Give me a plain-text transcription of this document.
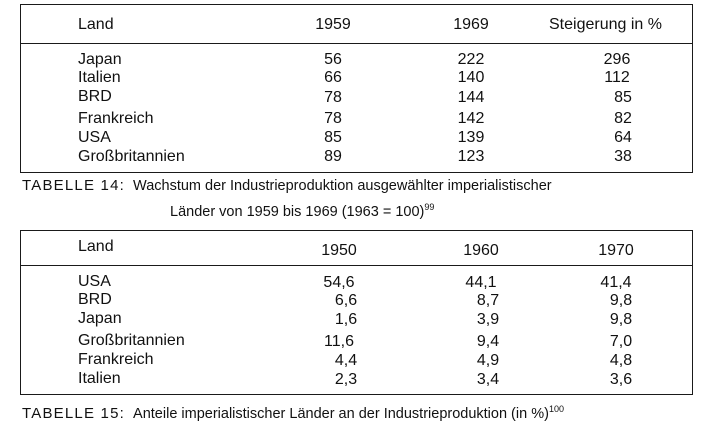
Land	1959	1969	Steigerung in %
Japan	56	222	296
Italien	66	140	112
BRD	78	144	85
Frankreich	78	142	82
USA	85	139	64
Großbritannien	89	123	38
TABELLE 14: Wachstum der Industrieproduktion ausgewählter imperialistischer
Länder von 1959 bis 1969 (1963 = 100)$^{99}$
Land	1950	1960	1970
USA	54,6	44,1	41,4
BRD	6,6	8,7	9,8
Japan	1,6	3,9	9,8
Großbritannien	11,6	9,4	7,0
Frankreich	4,4	4,9	4,8
Italien	2,3	3,4	3,6
TABELLE 15: Anteile imperialistischer Länder an der Industrieproduktion (in %)$^{100}$
